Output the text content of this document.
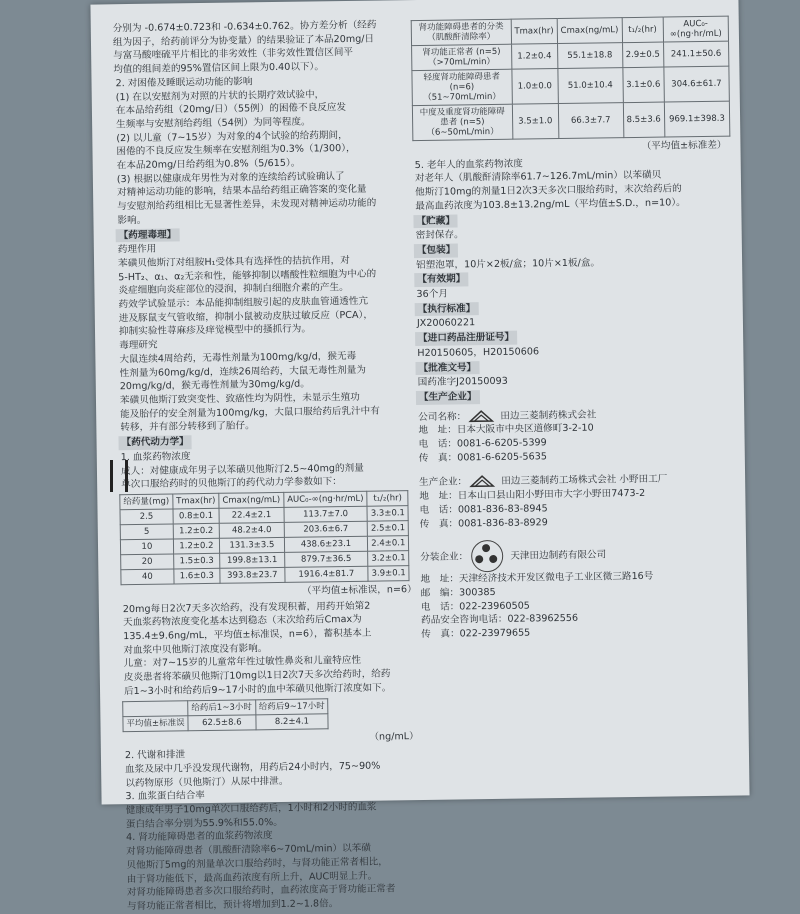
分别为 -0.674±0.723和 -0.634±0.762。协方差分析（经药

组为因子，给药前评分为协变量）的结果验证了本品20mg/日

与富马酸喹硫平片相比的非劣效性（非劣效性置信区间平

均值的组间差的95%置信区间上限为0.40以下）。

2. 对困倦及睡眠运动功能的影响

(1) 在以安慰剂为对照的片状的长期疗效试验中，

在本品给药组（20mg/日）（55例）的困倦不良反应发

生频率与安慰剂给药组（54例）为同等程度。

(2) 以儿童（7~15岁）为对象的4个试验的给药期间，

困倦的不良反应发生频率在安慰剂组为0.3%（1/300），

在本品20mg/日给药组为0.8%（5/615）。

(3) 根据以健康成年男性为对象的连续给药试验确认了

对精神运动功能的影响，结果本品给药组正确答案的变化量

与安慰剂给药组相比无显著性差异，未发现对精神运动功能的

影响。

【药理毒理】

药理作用

苯磺贝他斯汀对组胺H₁受体具有选择性的拮抗作用，对

5-HT₂、α₁、α₂无亲和性，能够抑制以嗜酸性粒细胞为中心的

炎症细胞向炎症部位的浸润，抑制白细胞介素的产生。

药效学试验显示：本品能抑制组胺引起的皮肤血管通透性亢

进及豚鼠支气管收缩，抑制小鼠被动皮肤过敏反应（PCA），

抑制实验性荨麻疹及痒觉模型中的搔抓行为。

毒理研究

大鼠连续4周给药，无毒性剂量为100mg/kg/d，猴无毒

性剂量为60mg/kg/d，连续26周给药，大鼠无毒性剂量为

20mg/kg/d，猴无毒性剂量为30mg/kg/d。

苯磺贝他斯汀致突变性、致癌性均为阴性，未显示生殖功

能及胎仔的安全剂量为100mg/kg，大鼠口服给药后乳汁中有

转移，并有部分转移到了胎仔。

【药代动力学】

1. 血浆药物浓度

成人：对健康成年男子以苯磺贝他斯汀2.5~40mg的剂量

单次口服给药时的贝他斯汀的药代动力学参数如下：

给药量(mg)	Tmax(hr)	Cmax(ng/mL)	AUC₀-∞(ng·hr/mL)	t₁/₂(hr)
2.5	0.8±0.1	22.4±2.1	113.7±7.0	3.3±0.1
5	1.2±0.2	48.2±4.0	203.6±6.7	2.5±0.1
10	1.2±0.2	131.3±3.5	438.6±23.1	2.4±0.1
20	1.5±0.3	199.8±13.1	879.7±36.5	3.2±0.1
40	1.6±0.3	393.8±23.7	1916.4±81.7	3.9±0.1

（平均值±标准误，n=6）

20mg每日2次7天多次给药，没有发现积蓄，用药开始第2

天血浆药物浓度变化基本达到稳态（末次给药后Cmax为

135.4±9.6ng/mL，平均值±标准误，n=6），蓄积基本上

对血浆中贝他斯汀浓度没有影响。

儿童：对7~15岁的儿童常年性过敏性鼻炎和儿童特应性

皮炎患者将苯磺贝他斯汀10mg以1日2次7天多次给药时，给药

后1~3小时和给药后9~17小时的血中苯磺贝他斯汀浓度如下。

	给药后1~3小时	给药后9~17小时
平均值±标准误	62.5±8.6	8.2±4.1

（ng/mL）

2. 代谢和排泄

血浆及尿中几乎没发现代谢物，用药后24小时内，75~90%

以药物原形（贝他斯汀）从尿中排泄。

3. 血浆蛋白结合率

健康成年男子10mg单次口服给药后，1小时和2小时的血浆

蛋白结合率分别为55.9%和55.0%。

4. 肾功能障碍患者的血浆药物浓度

对肾功能障碍患者（肌酸酐清除率6~70mL/min）以苯磺

贝他斯汀5mg的剂量单次口服给药时，与肾功能正常者相比，

由于肾功能低下，最高血药浓度有所上升，AUC明显上升。

对肾功能障碍患者多次口服给药时，血药浓度高于肾功能正常者

与肾功能正常者相比，预计将增加到1.2~1.8倍。

肾功能障碍患者的分类（肌酸酐清除率）	Tmax(hr)	Cmax(ng/mL)	t₁/₂(hr)	AUC₀-∞(ng·hr/mL)
肾功能正常者 (n=5)（>70mL/min）	1.2±0.4	55.1±18.8	2.9±0.5	241.1±50.6
轻度肾功能障碍患者 (n=6)（51~70mL/min）	1.0±0.0	51.0±10.4	3.1±0.6	304.6±61.7
中度及重度肾功能障碍患者 (n=5)（6~50mL/min）	3.5±1.0	66.3±7.7	8.5±3.6	969.1±398.3

（平均值±标准差）

5. 老年人的血浆药物浓度

对老年人（肌酸酐清除率61.7~126.7mL/min）以苯磺贝

他斯汀10mg的剂量1日2次3天多次口服给药时，末次给药后的

最高血药浓度为103.8±13.2ng/mL（平均值±S.D.，n=10）。

【贮藏】

密封保存。

【包装】

铝塑泡罩，10片×2板/盒；10片×1板/盒。

【有效期】

36个月

【执行标准】

JX20060221

【进口药品注册证号】

H20150605，H20150606

【批准文号】

国药准字J20150093

【生产企业】

公司名称：	田边三菱制药株式会社

地　址：日本大阪市中央区道修町3-2-10

电　话：0081-6-6205-5399

传　真：0081-6-6205-5635

生产企业：	田边三菱制药工场株式会社 小野田工厂

地　址：日本山口县山阳小野田市大字小野田7473-2

电　话：0081-836-83-8945

传　真：0081-836-83-8929

分装企业：	天津田边制药有限公司

地　址：天津经济技术开发区微电子工业区微三路16号

邮　编：300385

电　话：022-23960505

药品安全咨询电话：022-83962556

传　真：022-23979655
